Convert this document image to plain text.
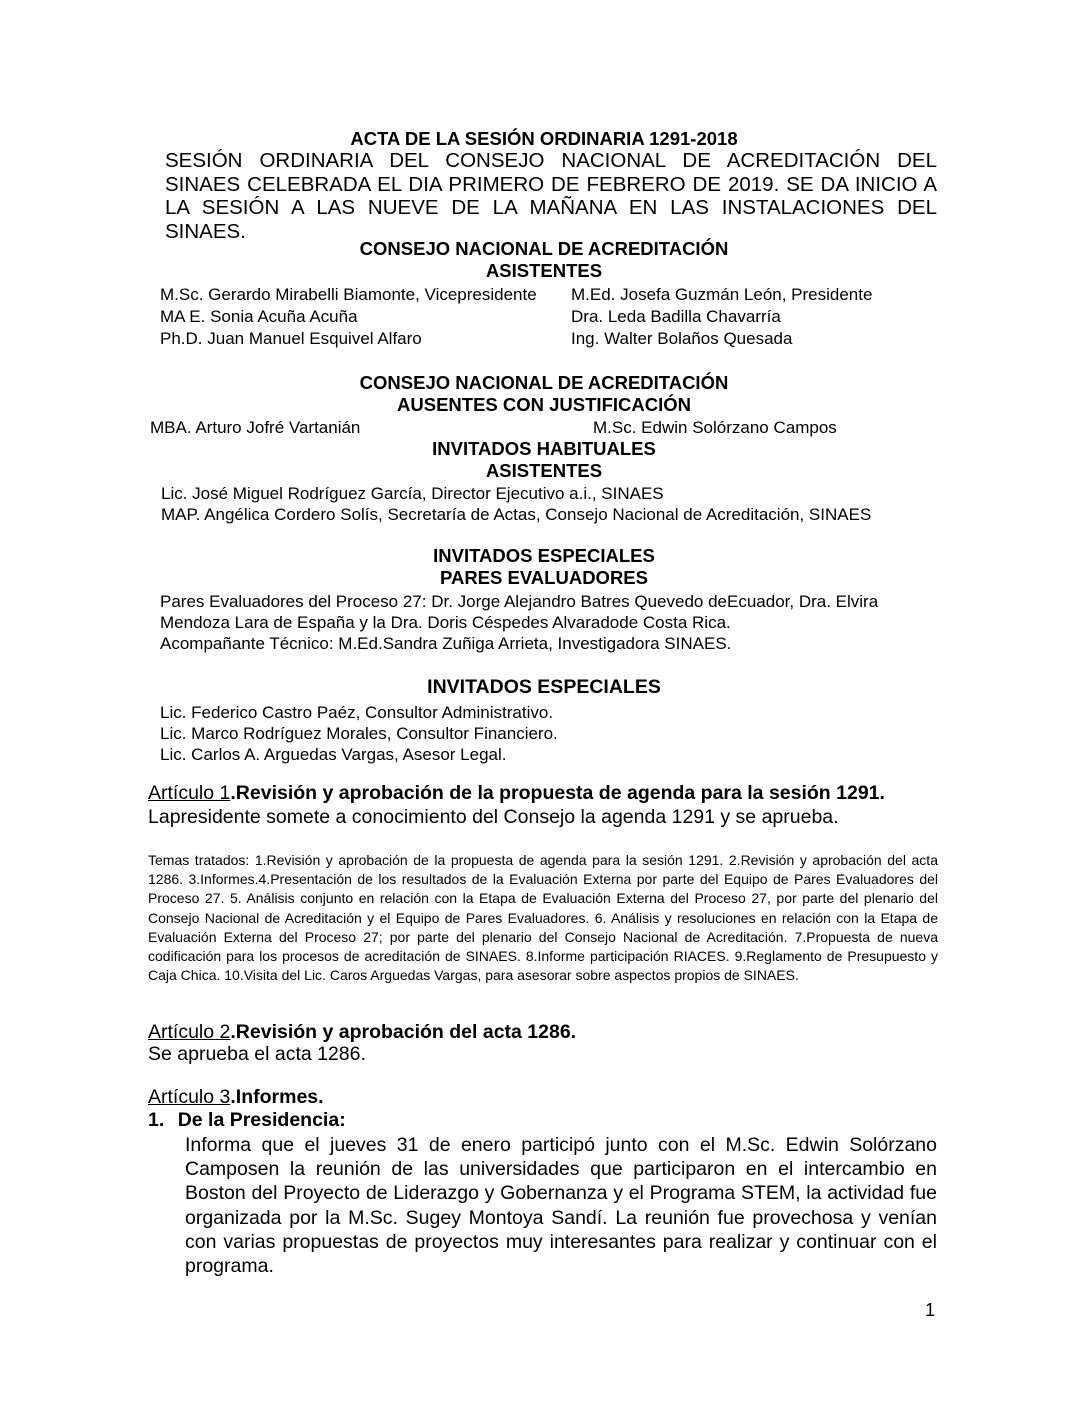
ACTA DE LA SESIÓN ORDINARIA 1291-2018
SESIÓN ORDINARIA DEL CONSEJO NACIONAL DE ACREDITACIÓN DEL SINAES CELEBRADA EL DIA PRIMERO DE FEBRERO DE 2019. SE DA INICIO A LA SESIÓN A LAS NUEVE DE LA MAÑANA EN LAS INSTALACIONES DEL SINAES.
CONSEJO NACIONAL DE ACREDITACIÓN
ASISTENTES
M.Sc. Gerardo Mirabelli Biamonte, Vicepresidente
MA E. Sonia Acuña Acuña
Ph.D. Juan Manuel Esquivel Alfaro
M.Ed. Josefa Guzmán León, Presidente
Dra. Leda Badilla Chavarría
Ing. Walter Bolaños Quesada
CONSEJO NACIONAL DE ACREDITACIÓN
AUSENTES CON JUSTIFICACIÓN
MBA. Arturo Jofré Vartanián	M.Sc. Edwin Solórzano Campos
INVITADOS HABITUALES
ASISTENTES
Lic. José Miguel Rodríguez García, Director Ejecutivo a.i., SINAES
MAP. Angélica Cordero Solís, Secretaría de Actas, Consejo Nacional de Acreditación, SINAES
INVITADOS ESPECIALES
PARES EVALUADORES
Pares Evaluadores del Proceso 27: Dr. Jorge Alejandro Batres Quevedo deEcuador, Dra. Elvira
Mendoza Lara de España y la Dra. Doris Céspedes Alvaradode Costa Rica.
Acompañante Técnico: M.Ed.Sandra Zuñiga Arrieta, Investigadora SINAES.
INVITADOS ESPECIALES
Lic. Federico Castro Paéz, Consultor Administrativo.
Lic. Marco Rodríguez Morales, Consultor Financiero.
Lic. Carlos A. Arguedas Vargas, Asesor Legal.
Artículo 1.Revisión y aprobación de la propuesta de agenda para la sesión 1291.
Lapresidente somete a conocimiento del Consejo la agenda 1291 y se aprueba.
Temas tratados: 1.Revisión y aprobación de la propuesta de agenda para la sesión 1291. 2.Revisión y aprobación del acta 1286. 3.Informes.4.Presentación de los resultados de la Evaluación Externa por parte del Equipo de Pares Evaluadores del Proceso 27. 5. Análisis conjunto en relación con la Etapa de Evaluación Externa del Proceso 27, por parte del plenario del Consejo Nacional de Acreditación y el Equipo de Pares Evaluadores. 6. Análisis y resoluciones en relación con la Etapa de Evaluación Externa del Proceso 27; por parte del plenario del Consejo Nacional de Acreditación. 7.Propuesta de nueva codificación para los procesos de acreditación de SINAES. 8.Informe participación RIACES. 9.Reglamento de Presupuesto y Caja Chica. 10.Visita del Lic. Caros Arguedas Vargas, para asesorar sobre aspectos propios de SINAES.
Artículo 2.Revisión y aprobación del acta 1286.
Se aprueba el acta 1286.
Artículo 3.Informes.
1. De la Presidencia:
Informa que el jueves 31 de enero participó junto con el M.Sc. Edwin Solórzano Camposen la reunión de las universidades que participaron en el intercambio en Boston del Proyecto de Liderazgo y Gobernanza y el Programa STEM, la actividad fue organizada por la M.Sc. Sugey Montoya Sandí. La reunión fue provechosa y venían con varias propuestas de proyectos muy interesantes para realizar y continuar con el programa.
1
